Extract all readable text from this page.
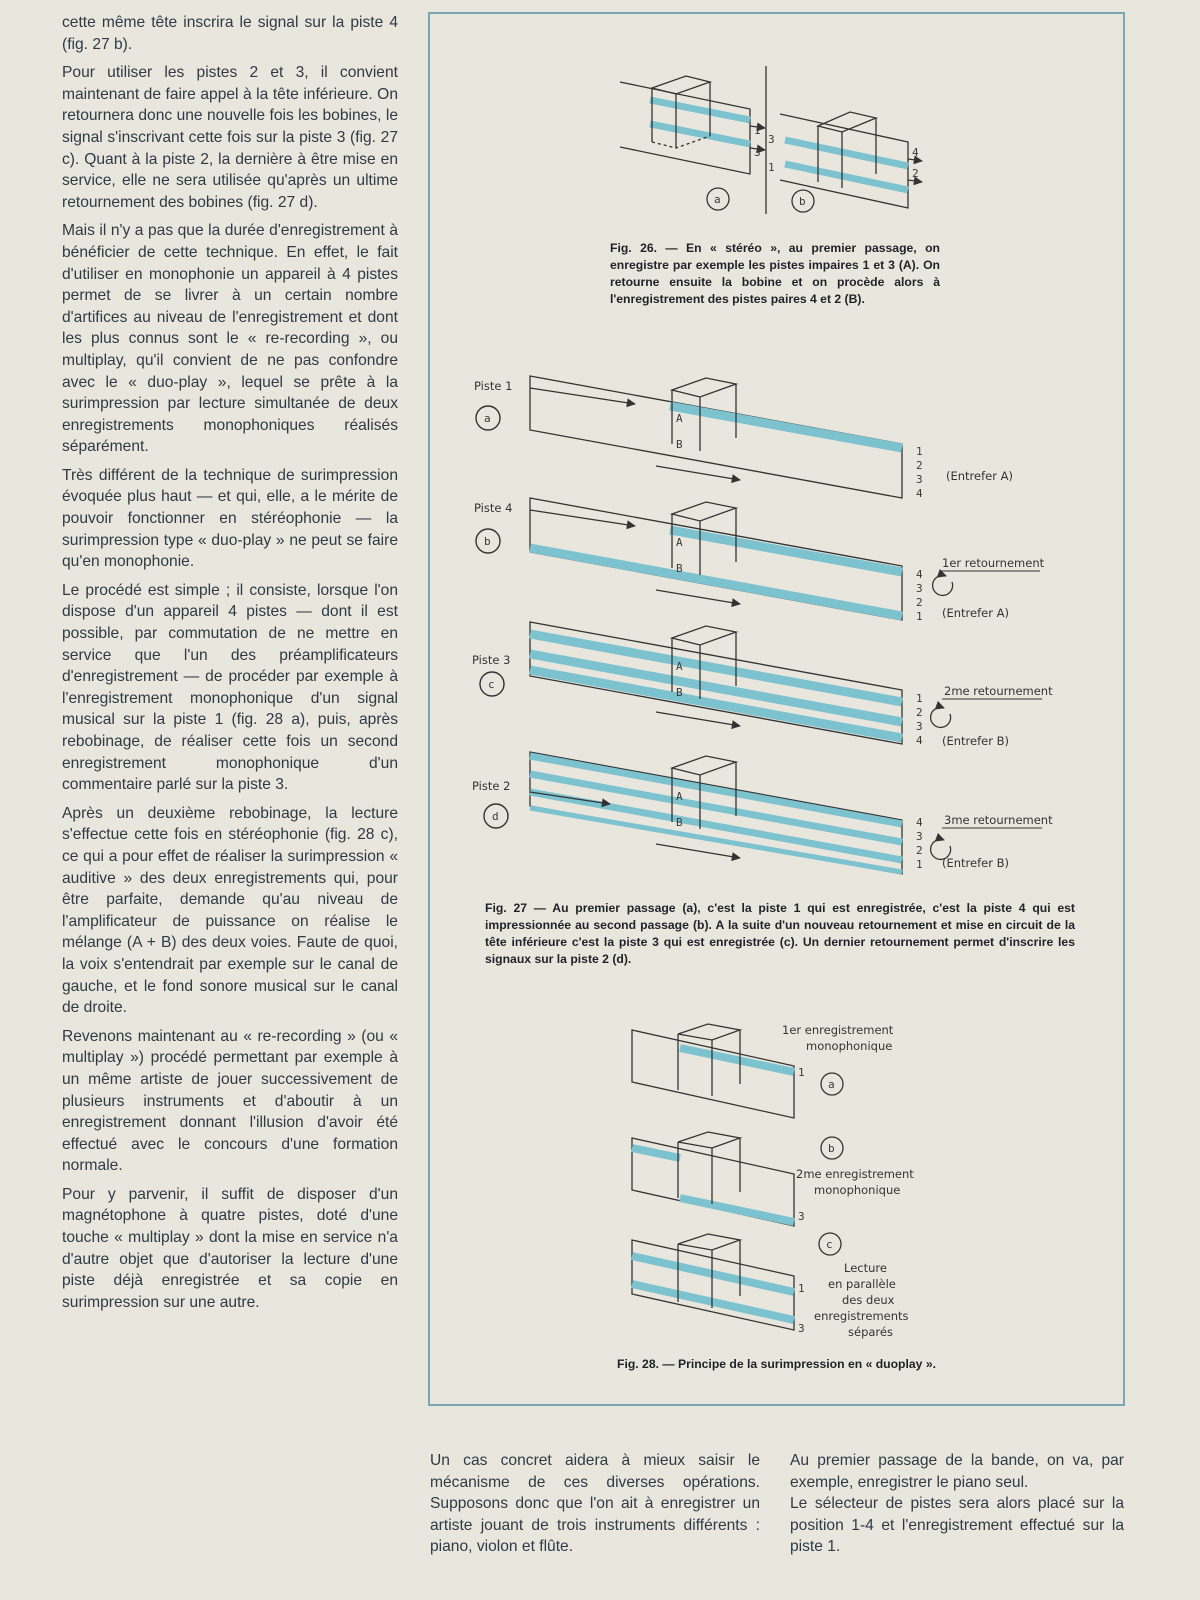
cette même tête inscrira le signal sur la piste 4 (fig. 27 b).

Pour utiliser les pistes 2 et 3, il convient maintenant de faire appel à la tête inférieure. On retournera donc une nouvelle fois les bobines, le signal s'inscrivant cette fois sur la piste 3 (fig. 27 c). Quant à la piste 2, la dernière à être mise en service, elle ne sera utilisée qu'après un ultime retournement des bobines (fig. 27 d).

Mais il n'y a pas que la durée d'enregistrement à bénéficier de cette technique. En effet, le fait d'utiliser en monophonie un appareil à 4 pistes permet de se livrer à un certain nombre d'artifices au niveau de l'enregistrement et dont les plus connus sont le « re-recording », ou multiplay, qu'il convient de ne pas confondre avec le « duo-play », lequel se prête à la surimpression par lecture simultanée de deux enregistrements monophoniques réalisés séparément.

Très différent de la technique de surimpression évoquée plus haut — et qui, elle, a le mérite de pouvoir fonctionner en stéréophonie — la surimpression type « duo-play » ne peut se faire qu'en monophonie.

Le procédé est simple ; il consiste, lorsque l'on dispose d'un appareil 4 pistes — dont il est possible, par commutation de ne mettre en service que l'un des préamplificateurs d'enregistrement — de procéder par exemple à l'enregistrement monophonique d'un signal musical sur la piste 1 (fig. 28 a), puis, après rebobinage, de réaliser cette fois un second enregistrement monophonique d'un commentaire parlé sur la piste 3.

Après un deuxième rebobinage, la lecture s'effectue cette fois en stéréophonie (fig. 28 c), ce qui a pour effet de réaliser la surimpression « auditive » des deux enregistrements qui, pour être parfaite, demande qu'au niveau de l'amplificateur de puissance on réalise le mélange (A + B) des deux voies. Faute de quoi, la voix s'entendrait par exemple sur le canal de gauche, et le fond sonore musical sur le canal de droite.

Revenons maintenant au « re-recording » (ou « multiplay ») procédé permettant par exemple à un même artiste de jouer successivement de plusieurs instruments et d'aboutir à un enregistrement donnant l'illusion d'avoir été effectué avec le concours d'une formation normale.

Pour y parvenir, il suffit de disposer d'un magnétophone à quatre pistes, doté d'une touche « multiplay » dont la mise en service n'a d'autre objet que d'autoriser la lecture d'une piste déjà enregistrée et sa copie en surimpression sur une autre.

a	b
1
3
3
1
4
2
Piste 1
Piste 4
Piste 3
Piste 2
a
b
c
d
A
B
A
B
A
B
A
B
1
2
3
4
4
3
2
1
1
2
3
4
4
3
2
1
1er retournement
2me retournement
3me retournement
(Entrefer A)
(Entrefer A)
(Entrefer B)
(Entrefer B)
a
b
c
1
3
1
3
1er enregistrement
monophonique
2me enregistrement
monophonique
Lecture
en parallèle
des deux
enregistrements
séparés
Fig. 26. — En « stéréo », au premier passage, on enregistre par exemple les pistes impaires 1 et 3 (A). On retourne ensuite la bobine et on procède alors à l'enregistrement des pistes paires 4 et 2 (B).
Fig. 27 — Au premier passage (a), c'est la piste 1 qui est enregistrée, c'est la piste 4 qui est impressionnée au second passage (b). A la suite d'un nouveau retournement et mise en circuit de la tête inférieure c'est la piste 3 qui est enregistrée (c). Un dernier retournement permet d'inscrire les signaux sur la piste 2 (d).
Fig. 28. — Principe de la surimpression en « duoplay ».
Un cas concret aidera à mieux saisir le mécanisme de ces diverses opérations. Supposons donc que l'on ait à enregistrer un artiste jouant de trois instruments différents : piano, violon et flûte.

Au premier passage de la bande, on va, par exemple, enregistrer le piano seul.

Le sélecteur de pistes sera alors placé sur la position 1-4 et l'enregistrement effectué sur la piste 1.
